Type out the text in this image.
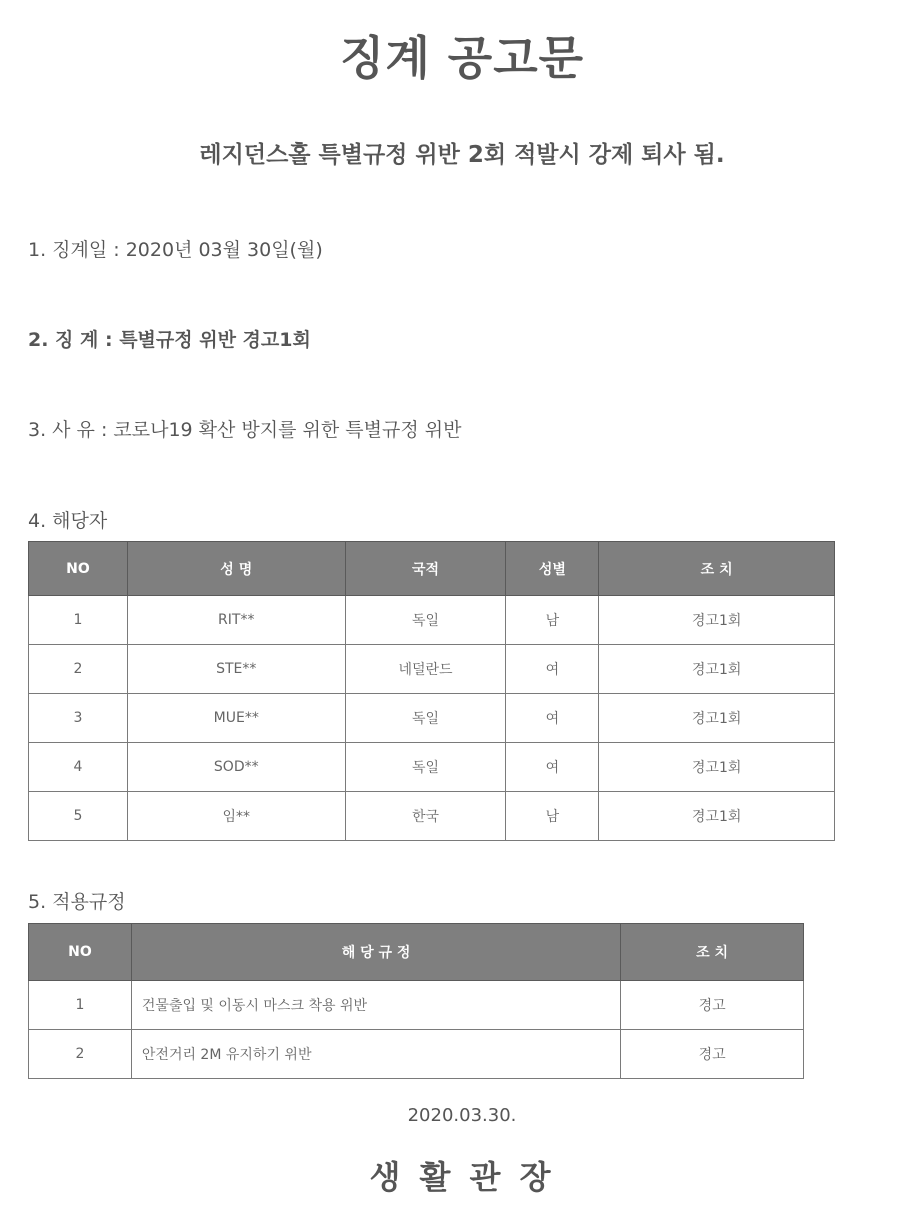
징계 공고문
레지던스홀 특별규정 위반 2회 적발시 강제 퇴사 됨.
1. 징계일 : 2020년 03월 30일(월)
2. 징 계 : 특별규정 위반 경고1회
3. 사 유 : 코로나19 확산 방지를 위한 특별규정 위반
4. 해당자
NO	성 명	국적	성별	조 치
1	RIT**	독일	남	경고1회
2	STE**	네덜란드	여	경고1회
3	MUE**	독일	여	경고1회
4	SOD**	독일	여	경고1회
5	임**	한국	남	경고1회
5. 적용규정
NO	해 당 규 정	조 치
1	건물출입 및 이동시 마스크 착용 위반	경고
2	안전거리 2M 유지하기 위반	경고
2020.03.30.
생 활 관 장
